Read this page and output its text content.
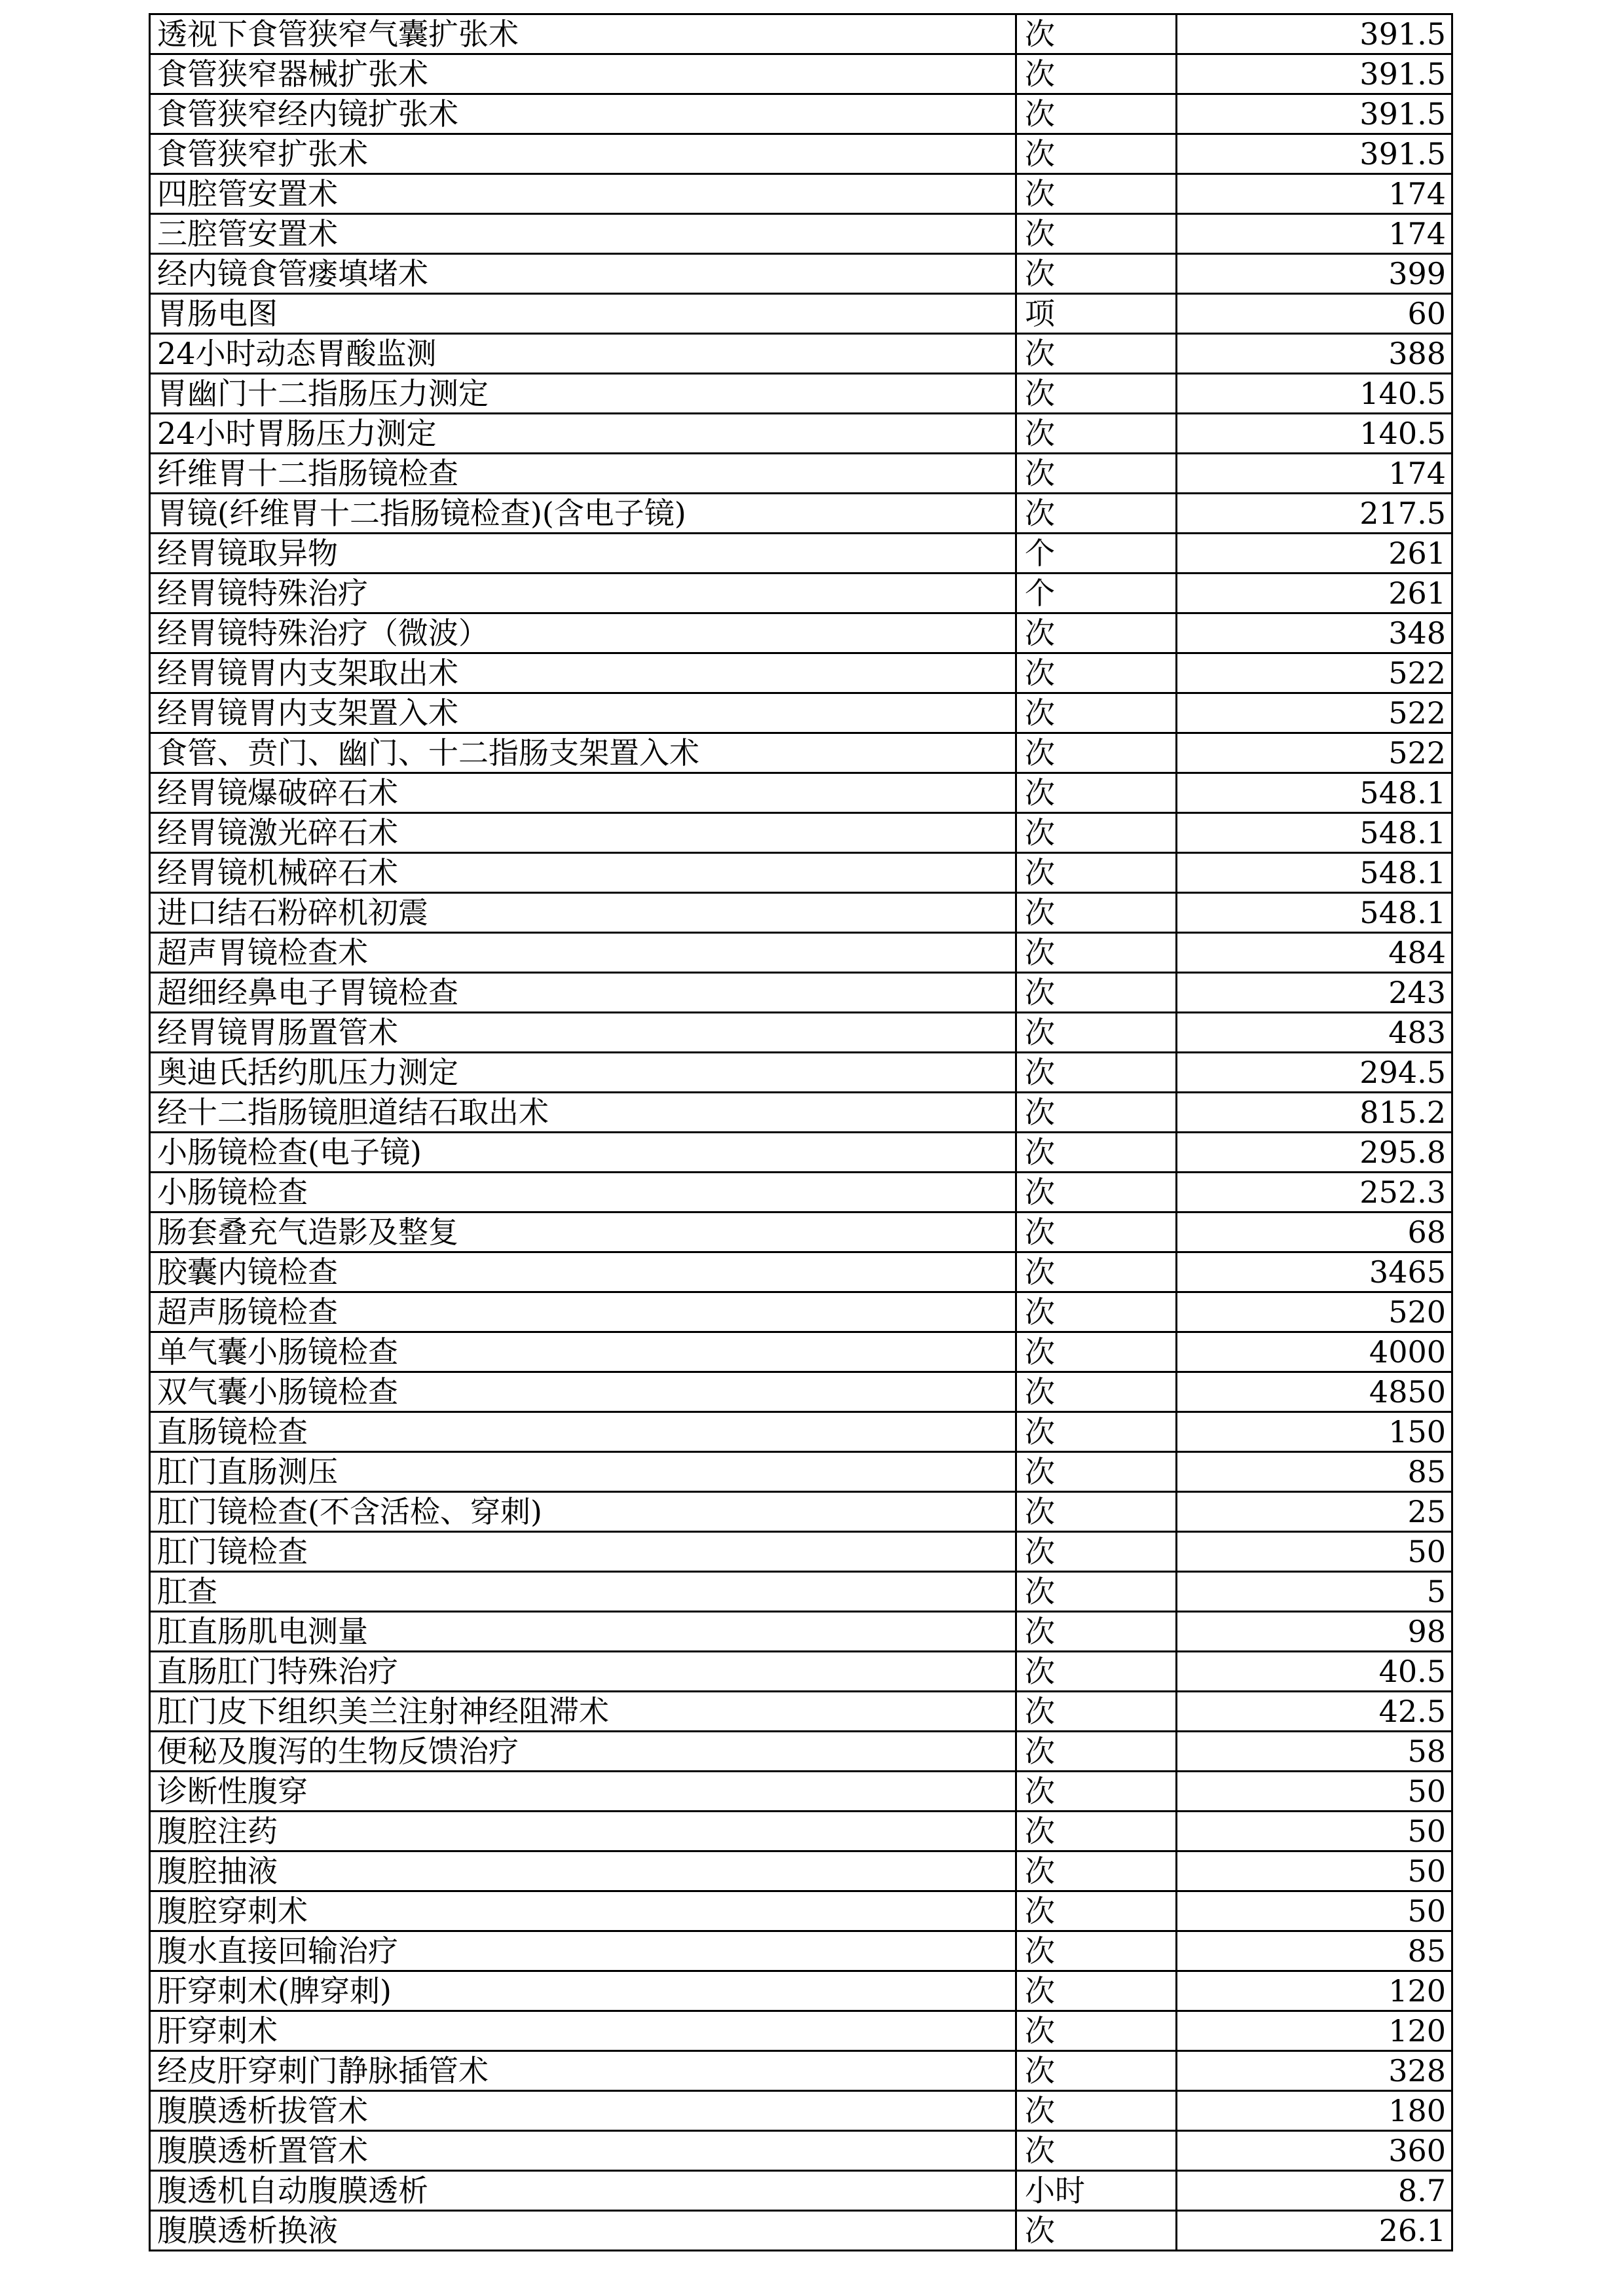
透视下食管狭窄气囊扩张术	次	391.5
食管狭窄器械扩张术	次	391.5
食管狭窄经内镜扩张术	次	391.5
食管狭窄扩张术	次	391.5
四腔管安置术	次	174
三腔管安置术	次	174
经内镜食管瘘填堵术	次	399
胃肠电图	项	60
24小时动态胃酸监测	次	388
胃幽门十二指肠压力测定	次	140.5
24小时胃肠压力测定	次	140.5
纤维胃十二指肠镜检查	次	174
胃镜(纤维胃十二指肠镜检查)(含电子镜)	次	217.5
经胃镜取异物	个	261
经胃镜特殊治疗	个	261
经胃镜特殊治疗（微波）	次	348
经胃镜胃内支架取出术	次	522
经胃镜胃内支架置入术	次	522
食管、贲门、幽门、十二指肠支架置入术	次	522
经胃镜爆破碎石术	次	548.1
经胃镜激光碎石术	次	548.1
经胃镜机械碎石术	次	548.1
进口结石粉碎机初震	次	548.1
超声胃镜检查术	次	484
超细经鼻电子胃镜检查	次	243
经胃镜胃肠置管术	次	483
奥迪氏括约肌压力测定	次	294.5
经十二指肠镜胆道结石取出术	次	815.2
小肠镜检查(电子镜)	次	295.8
小肠镜检查	次	252.3
肠套叠充气造影及整复	次	68
胶囊内镜检查	次	3465
超声肠镜检查	次	520
单气囊小肠镜检查	次	4000
双气囊小肠镜检查	次	4850
直肠镜检查	次	150
肛门直肠测压	次	85
肛门镜检查(不含活检、穿刺)	次	25
肛门镜检查	次	50
肛查	次	5
肛直肠肌电测量	次	98
直肠肛门特殊治疗	次	40.5
肛门皮下组织美兰注射神经阻滞术	次	42.5
便秘及腹泻的生物反馈治疗	次	58
诊断性腹穿	次	50
腹腔注药	次	50
腹腔抽液	次	50
腹腔穿刺术	次	50
腹水直接回输治疗	次	85
肝穿刺术(脾穿刺)	次	120
肝穿刺术	次	120
经皮肝穿刺门静脉插管术	次	328
腹膜透析拔管术	次	180
腹膜透析置管术	次	360
腹透机自动腹膜透析	小时	8.7
腹膜透析换液	次	26.1
